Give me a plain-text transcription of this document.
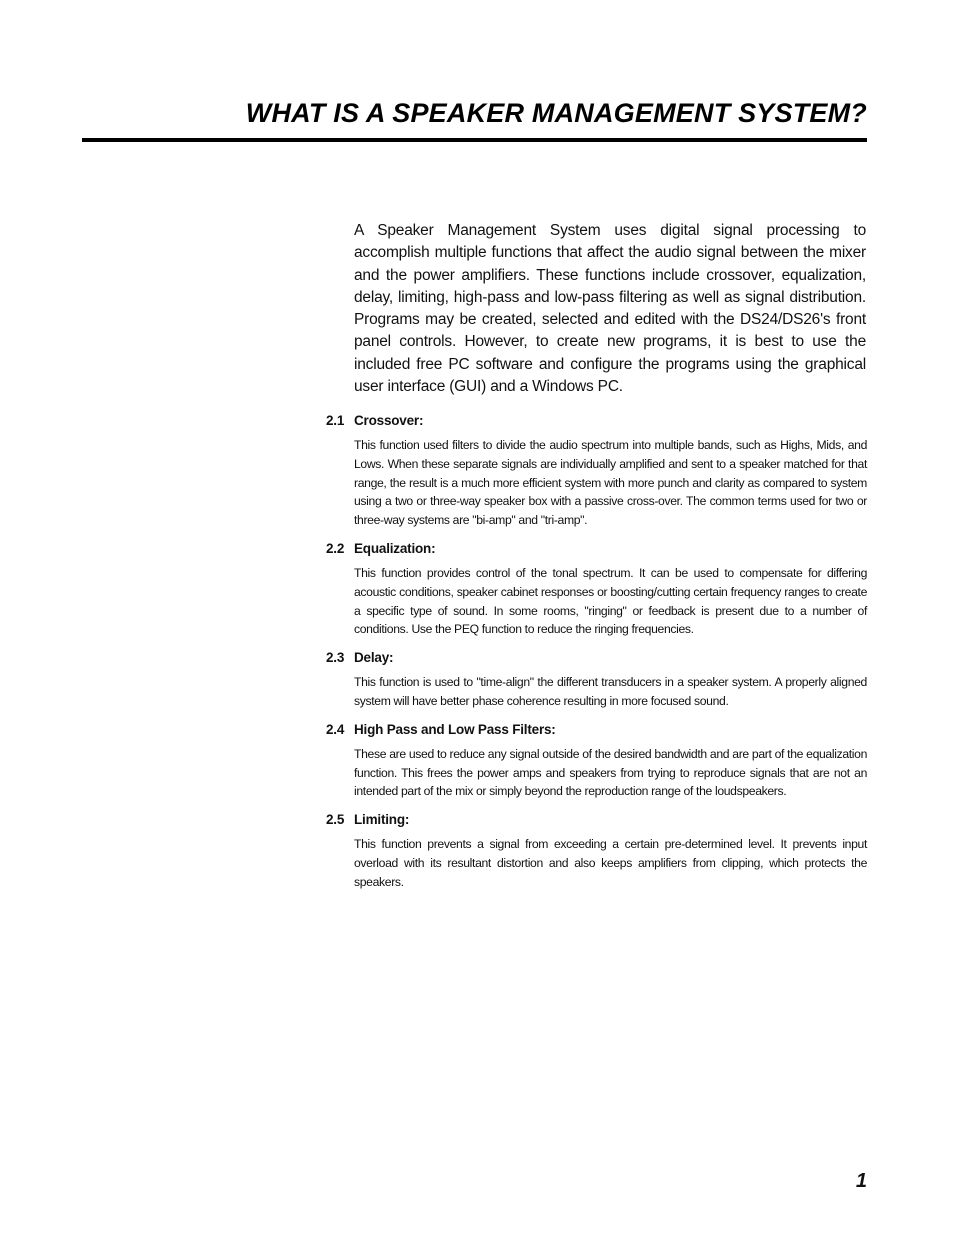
WHAT IS A SPEAKER MANAGEMENT SYSTEM?

A Speaker Management System uses digital signal processing to accomplish multiple functions that affect the audio signal between the mixer and the power amplifiers. These functions include crossover, equalization, delay, limiting, high-pass and low-pass filtering as well as signal distribution. Programs may be created, selected and edited with the DS24/DS26's front panel controls. However, to create new programs, it is best to use the included free PC software and configure the programs using the graphical user interface (GUI) and a Windows PC.

2.1 Crossover:

This function used filters to divide the audio spectrum into multiple bands, such as Highs, Mids, and Lows. When these separate signals are individually amplified and sent to a speaker matched for that range, the result is a much more efficient system with more punch and clarity as compared to system using a two or three-way speaker box with a passive cross-over. The common terms used for two or three-way systems are "bi-amp" and "tri-amp".

2.2 Equalization:

This function provides control of the tonal spectrum. It can be used to compensate for differing acoustic conditions, speaker cabinet responses or boosting/cutting certain frequency ranges to create a specific type of sound. In some rooms, "ringing" or feedback is present due to a number of conditions. Use the PEQ function to reduce the ringing frequencies.

2.3 Delay:

This function is used to "time-align" the different transducers in a speaker system. A properly aligned system will have better phase coherence resulting in more focused sound.

2.4 High Pass and Low Pass Filters:

These are used to reduce any signal outside of the desired bandwidth and are part of the equalization function. This frees the power amps and speakers from trying to reproduce signals that are not an intended part of the mix or simply beyond the reproduction range of the loudspeakers.

2.5 Limiting:

This function prevents a signal from exceeding a certain pre-determined level. It prevents input overload with its resultant distortion and also keeps amplifiers from clipping, which protects the speakers.

1
